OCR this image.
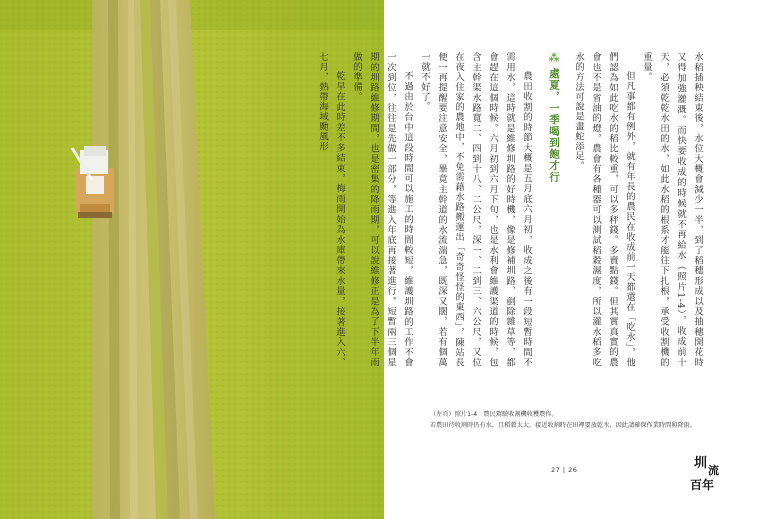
水稻插秧結束後，水位大概會減少一半，到了稻穗形成以及抽穗開花時又得加強灌溉。而快要收成的時候就不再給水（照片1-4），收成前十天，必須乾乾水田的水，如此水稻的根系才能往下扎根，承受收割機的重量。

但凡事都有例外，就有年長的農民在收成前一天都還在「吃水」，他們認為如此吃水的稻比較重，可以多秤錢。多賣點錢。但其實真實的農會也不是省油的燈，農會有各種器可以測試稻穀濕度，所以灌水稻多吃水的方法可說是畫蛇添足。

⁂處夏，一季喝到飽才行

農田收割的時節大概是五月底六月初，收成之後有一段短暫時間不需用水，這時就是維修圳路的好時機，像是修補圳路、剷除雜草等，都會趕在這個時候。六月初到六月下旬，也是水利會維護渠道的時候，包含主幹渠水路寬二、四到十八、二公尺，深一、二到三、六公尺，又位在夜入住家的農地中，不免需藉水路搬運出「奇奇怪怪的東西」，陳站長便一再提醒要注意安全，畢竟主幹道的水流湍急，既深又闊，若有個萬一就不好了。

不過由於台中這段時間可以施工的時間較短，維護圳路的工作不會一次到位，往往是先做一部分，等進入年底再接著進行。短暫兩三個星期的圳路維修期間，也是密集的降雨期，可以說維修正是為了下半年雨做的準備。

乾旱在此時差不多結束，梅雨開始為水庫帶來水量，接著進入六、七月，熱帶海域颱風形

（左頁）照片1-4　農民駕駛收割機收穫農作。
若農田待收割時仍有水，且稻穀太大，接近收割時在田裡要放乾水，因此請確保作業時間與降雨。
27 | 26	圳 流
百年
